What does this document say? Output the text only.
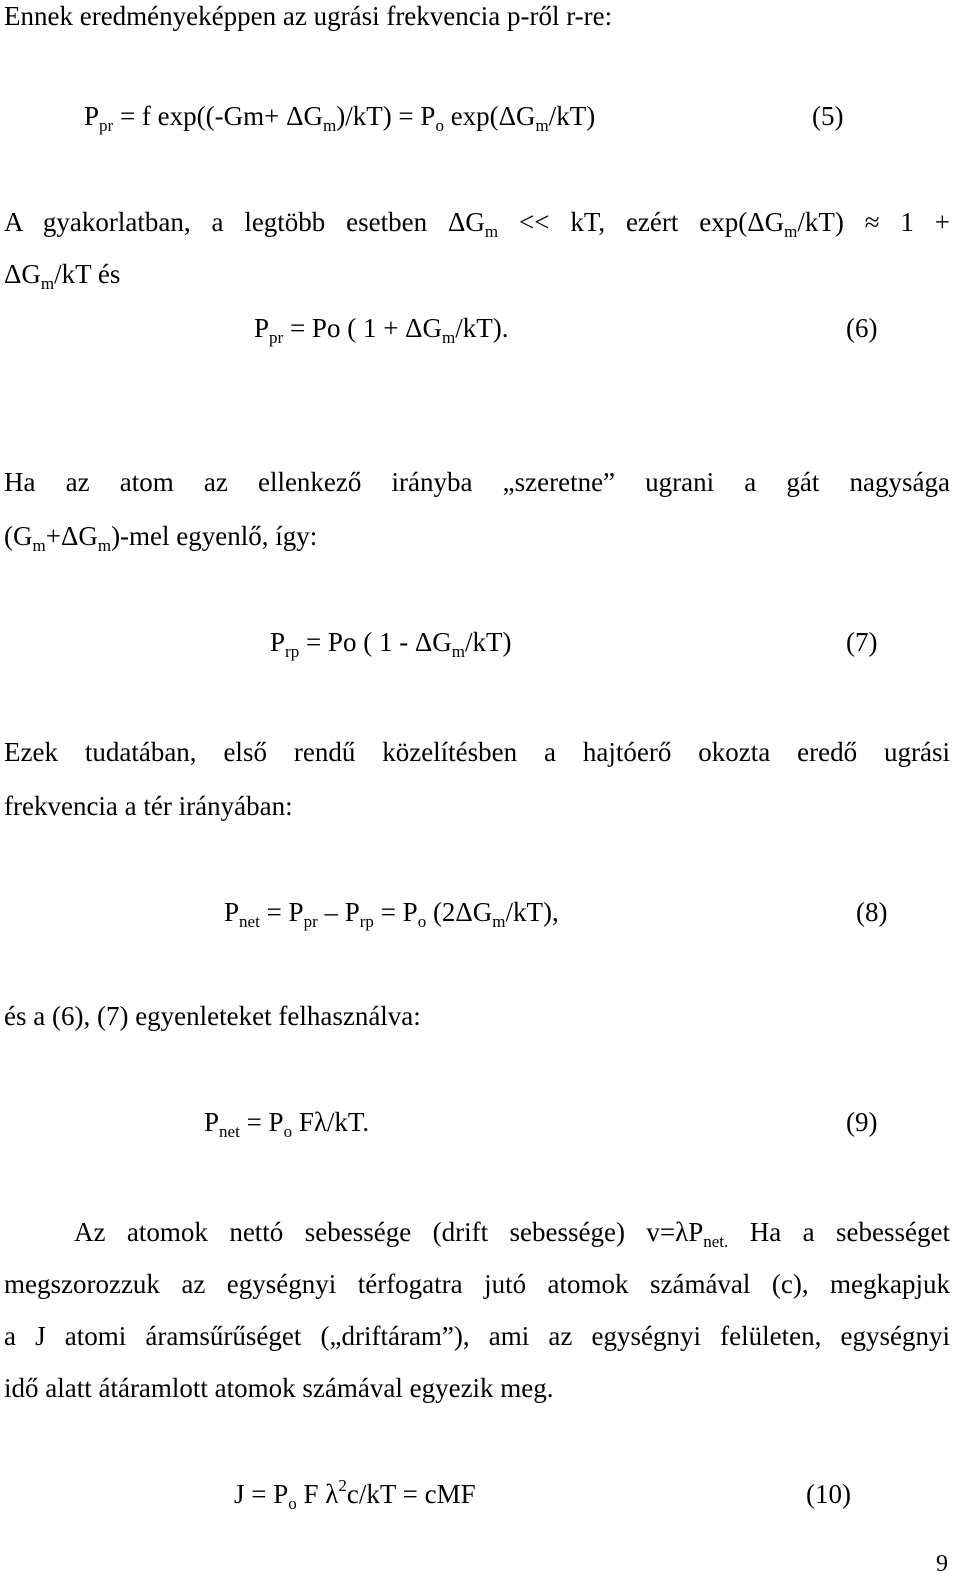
Ennek eredményeképpen az ugrási frekvencia p-ről r-re:
$P_{pr} = f$ $\exp((-Gm+ \Delta G_m)/kT) = P_o$ $\exp(\Delta G_m/kT)$	(5)
A gyakorlatban, a legtöbb esetben $\Delta G_m$ << kT, ezért $\exp(\Delta G_m/kT) \approx 1$ +
$\Delta G_m/kT$ és
$P_{pr} = Po$ ( $1 + \Delta G_m/kT$).	(6)
Ha az atom az ellenkező irányba „szeretne” ugrani a gát nagysága
$(G_m+\Delta G_m)$-mel egyenlő, így:
$P_{rp} = Po$ ( $1 - \Delta G_m/kT$)	(7)
Ezek tudatában, első rendű közelítésben a hajtóerő okozta eredő ugrási
frekvencia a tér irányában:
$P_{net} = P_{pr} - P_{rp} = P_o$ $(2\Delta G_m/kT)$,	(8)
és a (6), (7) egyenleteket felhasználva:
$P_{net} = P_o$ Fλ/kT.	(9)
Az atomok nettó sebessége (drift sebessége) $v=\lambda P_{net.}$ Ha a sebességet
megszorozzuk az egységnyi térfogatra jutó atomok számával (c), megkapjuk
a J atomi áramsűrűséget („driftáram”), ami az egységnyi felületen, egységnyi
idő alatt átáramlott atomok számával egyezik meg.
$J = P_o$ F $\lambda^2c/kT$ = cMF	(10)
9
